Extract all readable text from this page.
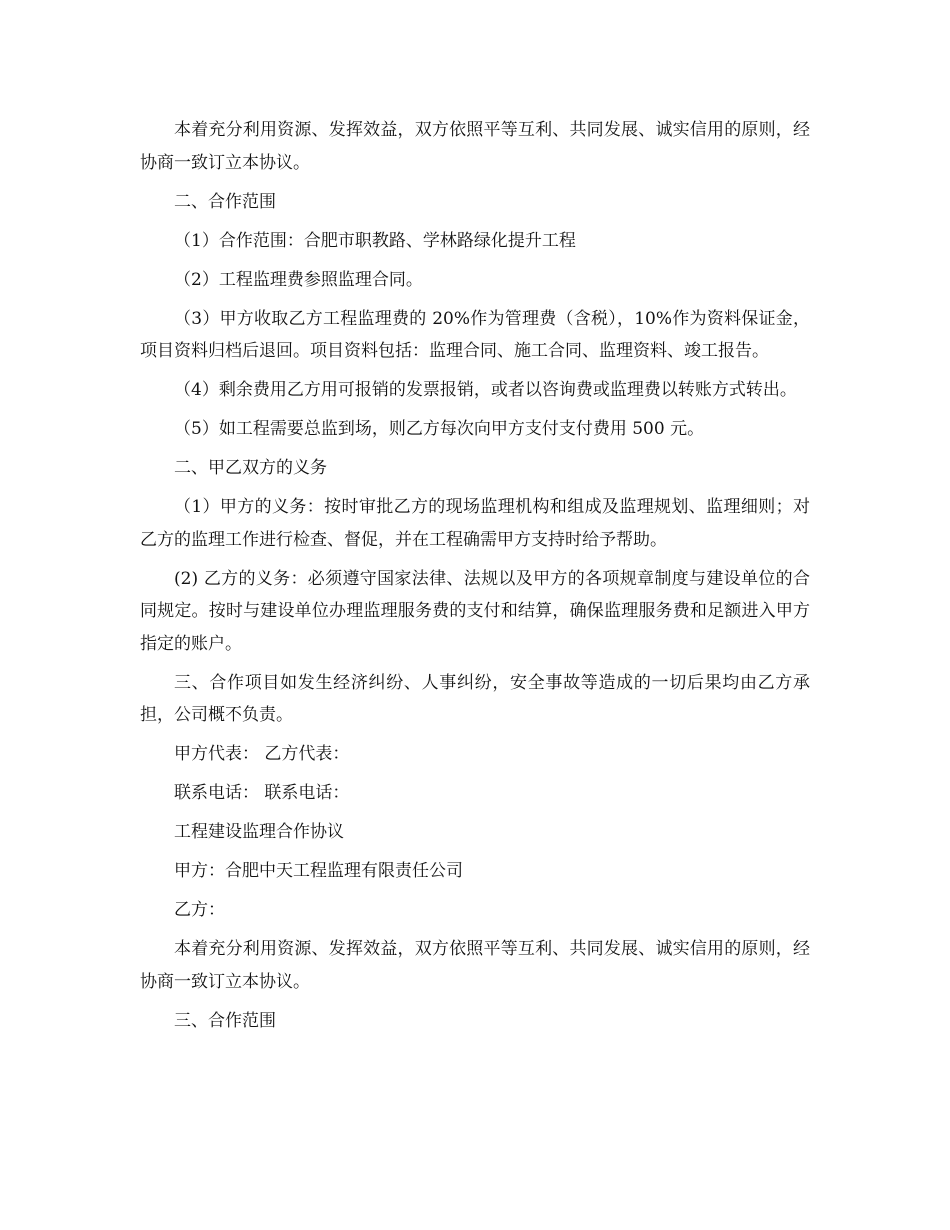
本着充分利用资源、发挥效益，双方依照平等互利、共同发展、诚实信用的原则，经协商一致订立本协议。

二、合作范围

（1）合作范围：合肥市职教路、学林路绿化提升工程

（2）工程监理费参照监理合同。

（3）甲方收取乙方工程监理费的 20%作为管理费（含税），10%作为资料保证金，项目资料归档后退回。项目资料包括：监理合同、施工合同、监理资料、竣工报告。

（4）剩余费用乙方用可报销的发票报销，或者以咨询费或监理费以转账方式转出。

（5）如工程需要总监到场，则乙方每次向甲方支付支付费用 500 元。

二、甲乙双方的义务

（1）甲方的义务：按时审批乙方的现场监理机构和组成及监理规划、监理细则；对乙方的监理工作进行检查、督促，并在工程确需甲方支持时给予帮助。

(2) 乙方的义务：必须遵守国家法律、法规以及甲方的各项规章制度与建设单位的合同规定。按时与建设单位办理监理服务费的支付和结算，确保监理服务费和足额进入甲方指定的账户。

三、合作项目如发生经济纠纷、人事纠纷，安全事故等造成的一切后果均由乙方承担，公司概不负责。

甲方代表： 乙方代表：

联系电话： 联系电话：

工程建设监理合作协议

甲方：合肥中天工程监理有限责任公司

乙方：

本着充分利用资源、发挥效益，双方依照平等互利、共同发展、诚实信用的原则，经协商一致订立本协议。

三、合作范围
